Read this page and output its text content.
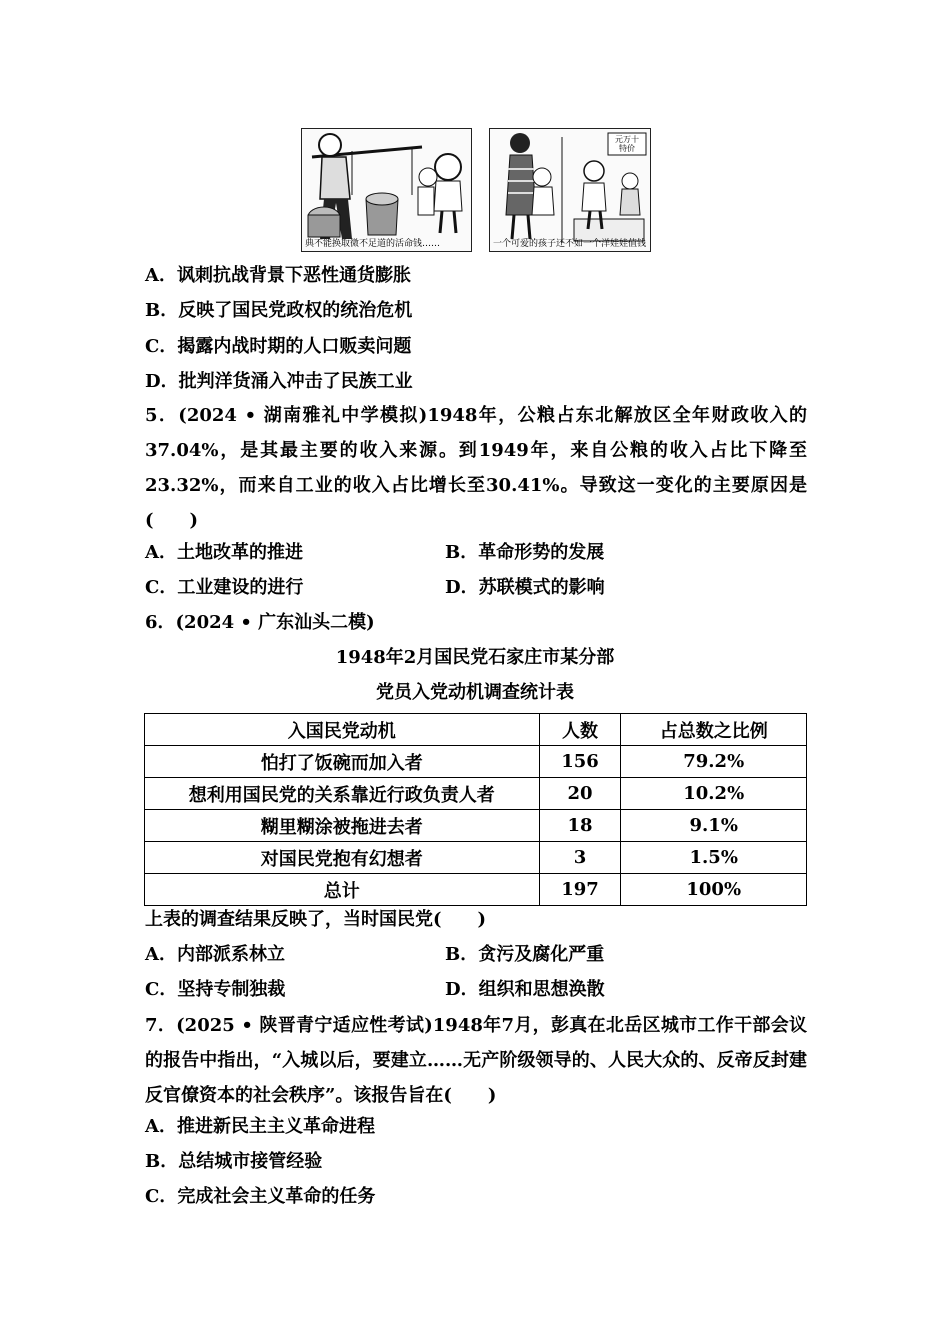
典不能换取微不足道的活命钱……
元万十 特价
一个可爱的孩子还不如一个洋娃娃值钱
A．讽刺抗战背景下恶性通货膨胀
B．反映了国民党政权的统治危机
C．揭露内战时期的人口贩卖问题
D．批判洋货涌入冲击了民族工业
5．(2024 • 湖南雅礼中学模拟)1948年，公粮占东北解放区全年财政收入的37.04%，是其最主要的收入来源。到1949年，来自公粮的收入占比下降至23.32%，而来自工业的收入占比增长至30.41%。导致这一变化的主要原因是(　　)
A．土地改革的推进	B．革命形势的发展
C．工业建设的进行	D．苏联模式的影响
6．(2024 • 广东汕头二模)
1948年2月国民党石家庄市某分部
党员入党动机调查统计表
入国民党动机	人数	占总数之比例
怕打了饭碗而加入者	156	79.2%
想利用国民党的关系靠近行政负责人者	20	10.2%
糊里糊涂被拖进去者	18	9.1%
对国民党抱有幻想者	3	1.5%
总计	197	100%
上表的调查结果反映了，当时国民党(　　)
A．内部派系林立	B．贪污及腐化严重
C．坚持专制独裁	D．组织和思想涣散
7．(2025 • 陕晋青宁适应性考试)1948年7月，彭真在北岳区城市工作干部会议的报告中指出，“入城以后，要建立……无产阶级领导的、人民大众的、反帝反封建反官僚资本的社会秩序”。该报告旨在(　　)
A．推进新民主主义革命进程
B．总结城市接管经验
C．完成社会主义革命的任务
